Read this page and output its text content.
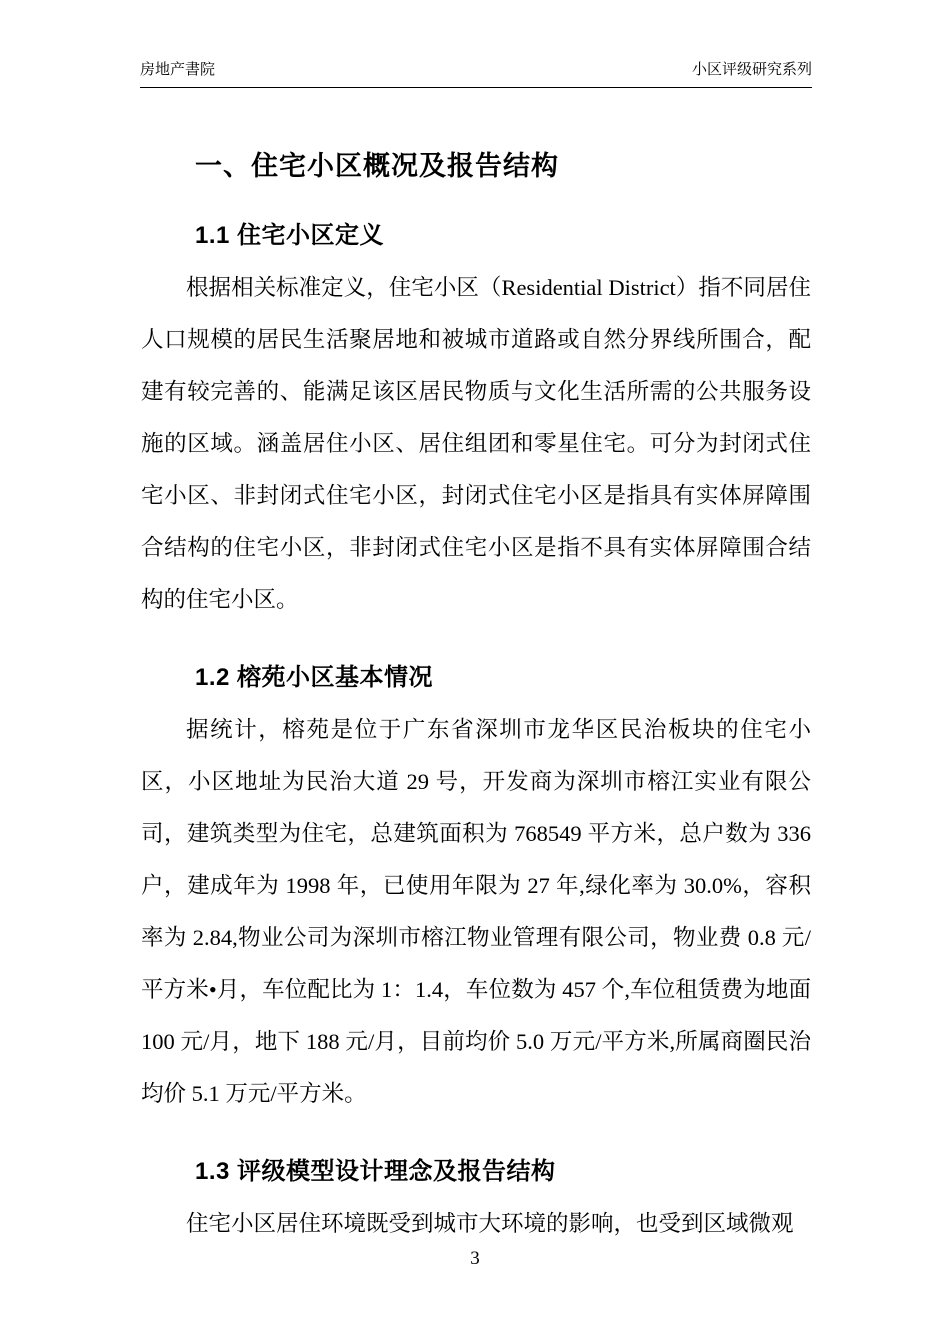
房地产書院	小区评级研究系列
一、住宅小区概况及报告结构
1.1 住宅小区定义

根据相关标准定义，住宅小区（Residential District）指不同居住人口规模的居民生活聚居地和被城市道路或自然分界线所围合，配建有较完善的、能满足该区居民物质与文化生活所需的公共服务设施的区域。涵盖居住小区、居住组团和零星住宅。可分为封闭式住宅小区、非封闭式住宅小区，封闭式住宅小区是指具有实体屏障围合结构的住宅小区，非封闭式住宅小区是指不具有实体屏障围合结构的住宅小区。

1.2 榕苑小区基本情况

据统计，榕苑是位于广东省深圳市龙华区民治板块的住宅小区，小区地址为民治大道 29 号，开发商为深圳市榕江实业有限公司，建筑类型为住宅，总建筑面积为 768549 平方米，总户数为 336 户，建成年为 1998 年，已使用年限为 27 年,绿化率为 30.0%，容积率为 2.84,物业公司为深圳市榕江物业管理有限公司，物业费 0.8 元/平方米•月，车位配比为 1：1.4，车位数为 457 个,车位租赁费为地面 100 元/月，地下 188 元/月，目前均价 5.0 万元/平方米,所属商圈民治均价 5.1 万元/平方米。

1.3 评级模型设计理念及报告结构

住宅小区居住环境既受到城市大环境的影响，也受到区域微观

3
